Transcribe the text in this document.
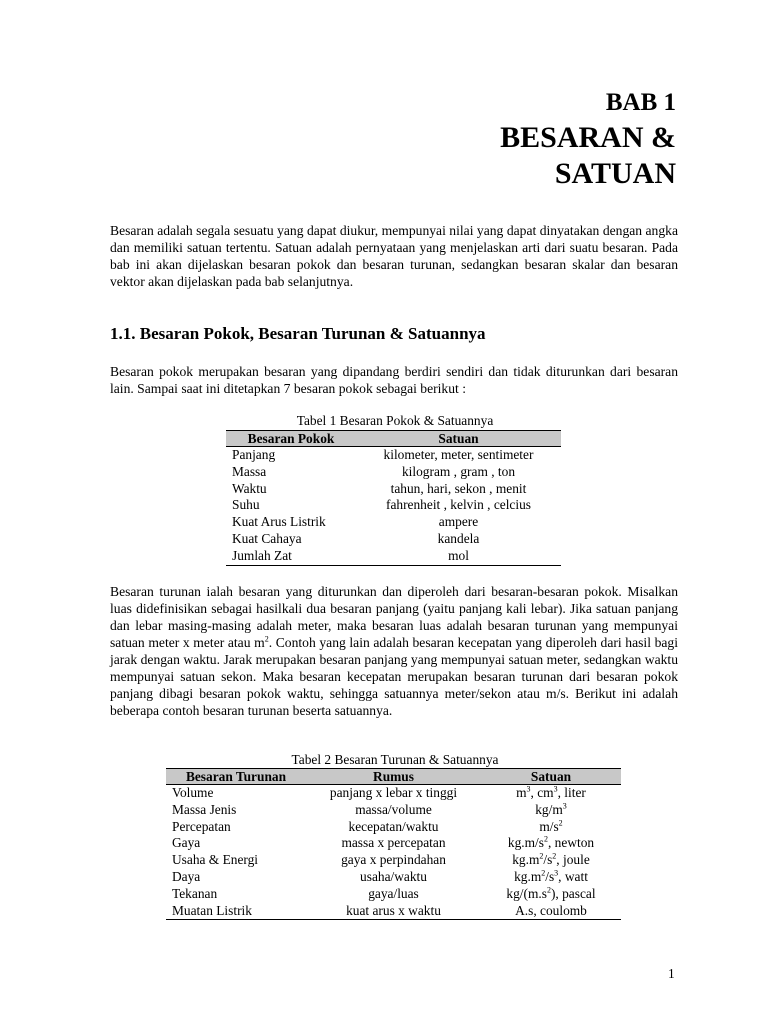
BAB 1
BESARAN &
SATUAN

Besaran adalah segala sesuatu yang dapat diukur, mempunyai nilai yang dapat dinyatakan dengan angka dan memiliki satuan tertentu. Satuan adalah pernyataan yang menjelaskan arti dari suatu besaran. Pada bab ini akan dijelaskan besaran pokok dan besaran turunan, sedangkan besaran skalar dan besaran vektor akan dijelaskan pada bab selanjutnya.

1.1. Besaran Pokok, Besaran Turunan & Satuannya

Besaran pokok merupakan besaran yang dipandang berdiri sendiri dan tidak diturunkan dari besaran lain. Sampai saat ini ditetapkan 7 besaran pokok sebagai berikut :

Tabel 1 Besaran Pokok & Satuannya
Besaran Pokok	Satuan
Panjang	kilometer, meter, sentimeter
Massa	kilogram , gram , ton
Waktu	tahun, hari, sekon , menit
Suhu	fahrenheit , kelvin , celcius
Kuat Arus Listrik	ampere
Kuat Cahaya	kandela
Jumlah Zat	mol

Besaran turunan ialah besaran yang diturunkan dan diperoleh dari besaran-besaran pokok. Misalkan luas didefinisikan sebagai hasilkali dua besaran panjang (yaitu panjang kali lebar). Jika satuan panjang dan lebar masing-masing adalah meter, maka besaran luas adalah besaran turunan yang mempunyai satuan meter x meter atau $m^2$. Contoh yang lain adalah besaran kecepatan yang diperoleh dari hasil bagi jarak dengan waktu. Jarak merupakan besaran panjang yang mempunyai satuan meter, sedangkan waktu mempunyai satuan sekon. Maka besaran kecepatan merupakan besaran turunan dari besaran pokok panjang dibagi besaran pokok waktu, sehingga satuannya meter/sekon atau m/s. Berikut ini adalah beberapa contoh besaran turunan beserta satuannya.

Tabel 2 Besaran Turunan & Satuannya
Besaran Turunan	Rumus	Satuan
Volume	panjang x lebar x tinggi	$m^3$, $cm^3$, liter
Massa Jenis	massa/volume	$kg/m^3$
Percepatan	kecepatan/waktu	$m/s^2$
Gaya	massa x percepatan	$kg.m/s^2$, newton
Usaha & Energi	gaya x perpindahan	$kg.m^2/s^2$, joule
Daya	usaha/waktu	$kg.m^2/s^3$, watt
Tekanan	gaya/luas	$kg/(m.s^2)$, pascal
Muatan Listrik	kuat arus x waktu	A.s, coulomb
1
